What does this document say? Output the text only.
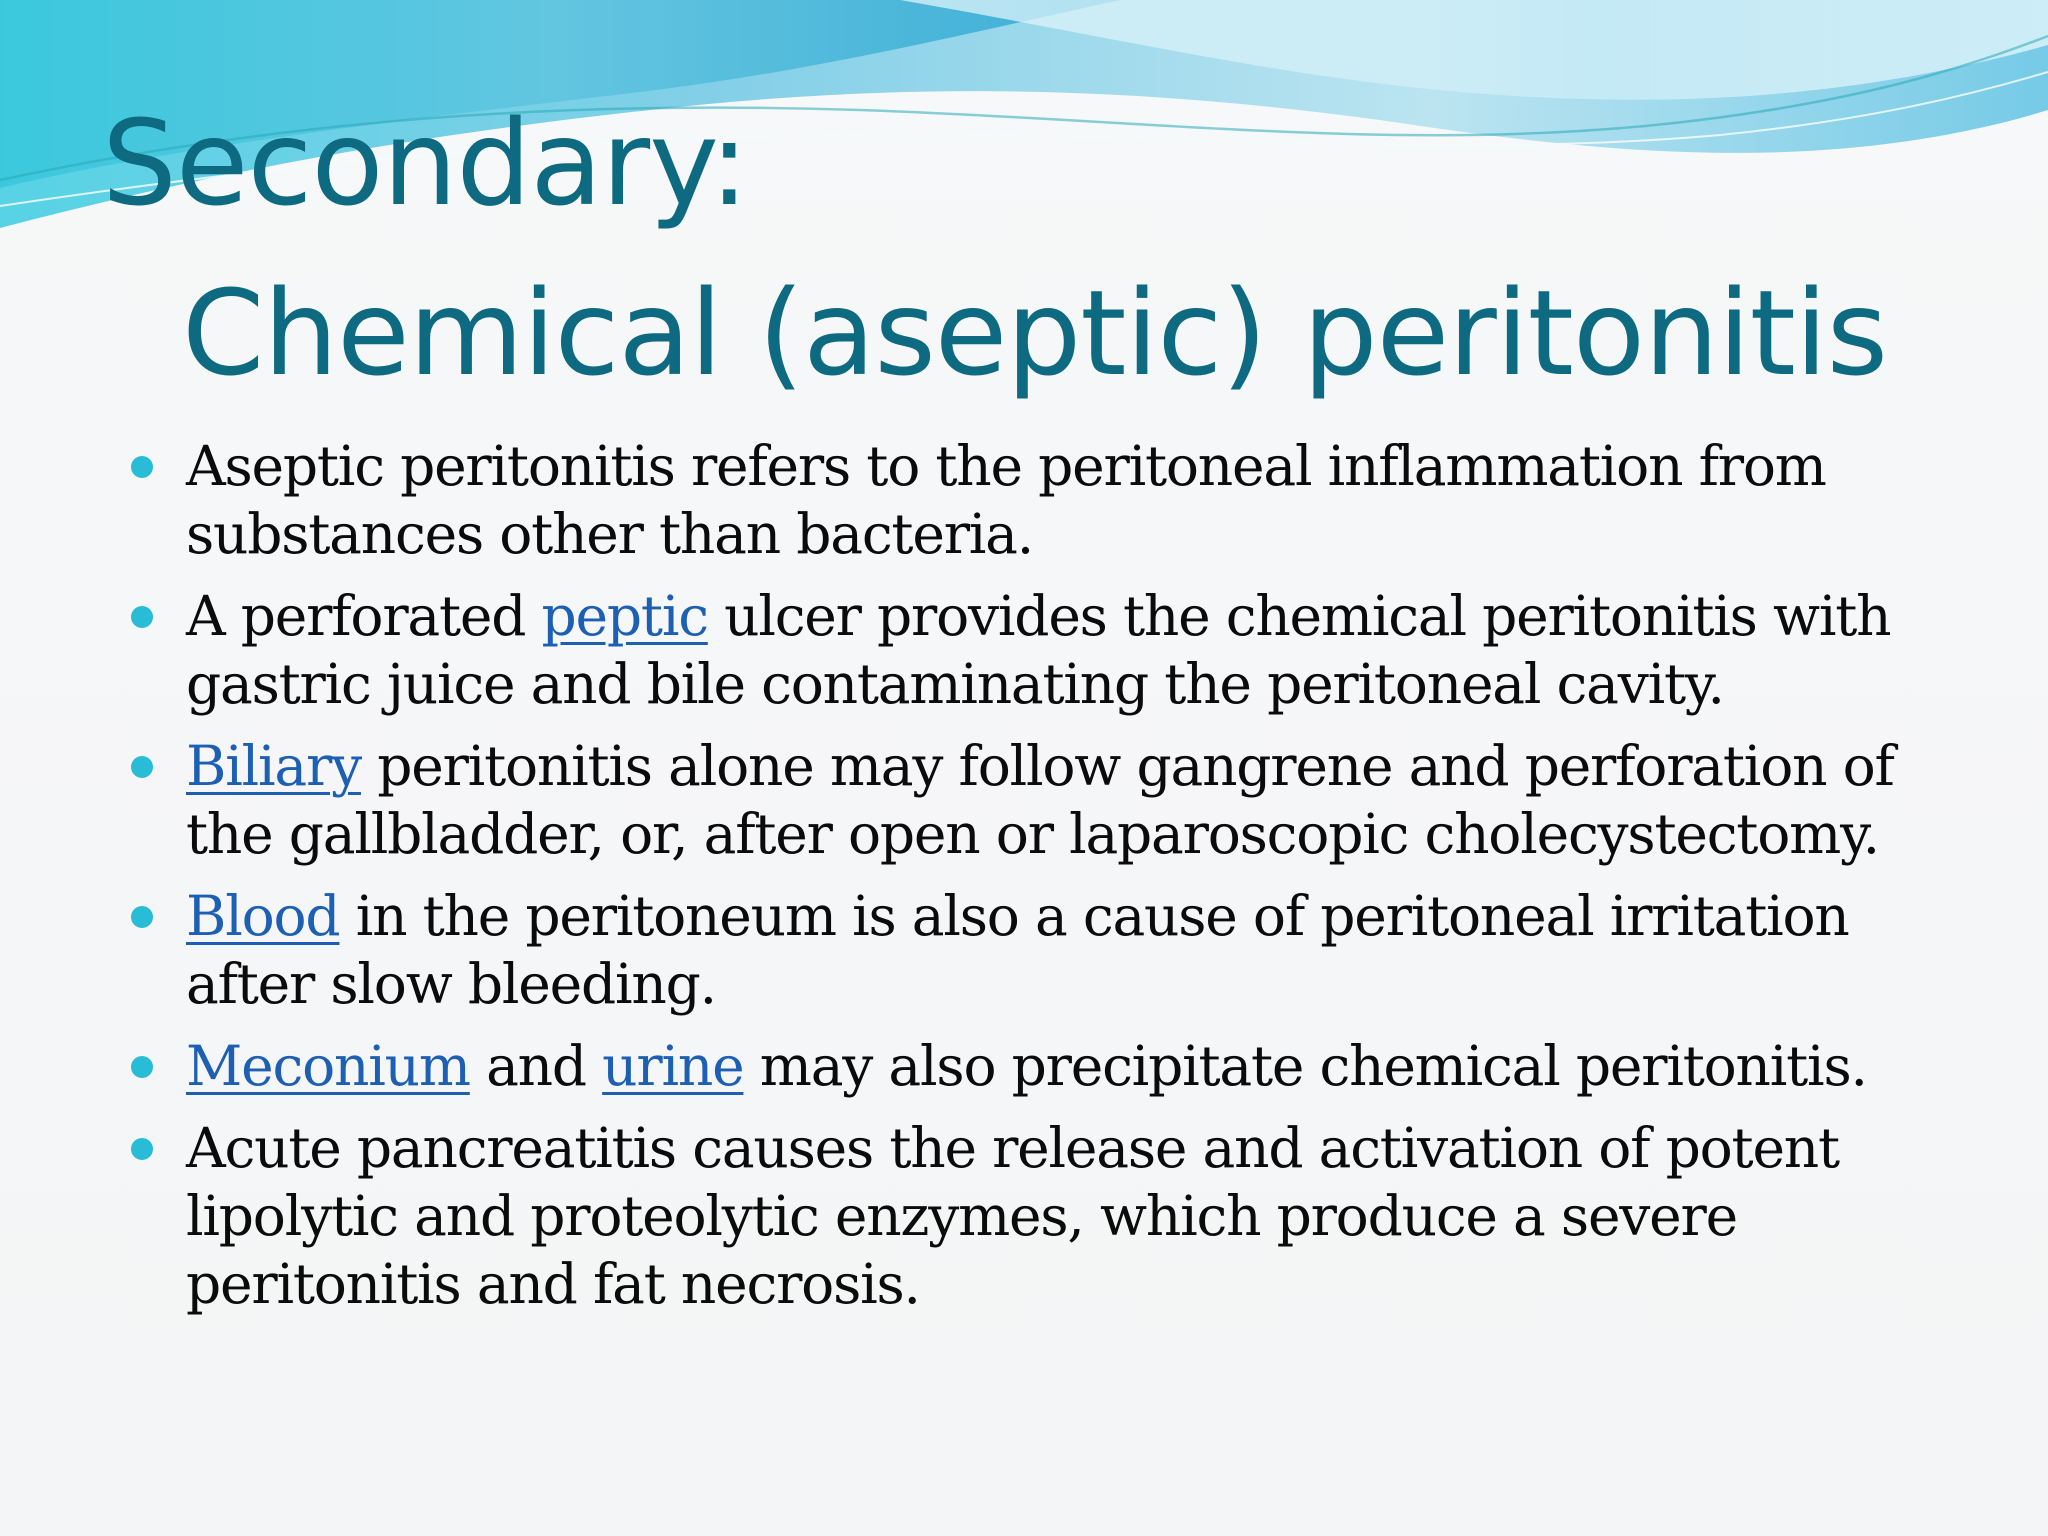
Secondary:
Chemical (aseptic) peritonitis
Aseptic peritonitis refers to the peritoneal inflammation from substances other than bacteria.
A perforated peptic ulcer provides the chemical peritonitis with gastric juice and bile contaminating the peritoneal cavity.
Biliary peritonitis alone may follow gangrene and perforation of the gallbladder, or, after open or laparoscopic cholecystectomy.
Blood in the peritoneum is also a cause of peritoneal irritation after slow bleeding.
Meconium and urine may also precipitate chemical peritonitis.
Acute pancreatitis causes the release and activation of potent lipolytic and proteolytic enzymes, which produce a severe peritonitis and fat necrosis.
